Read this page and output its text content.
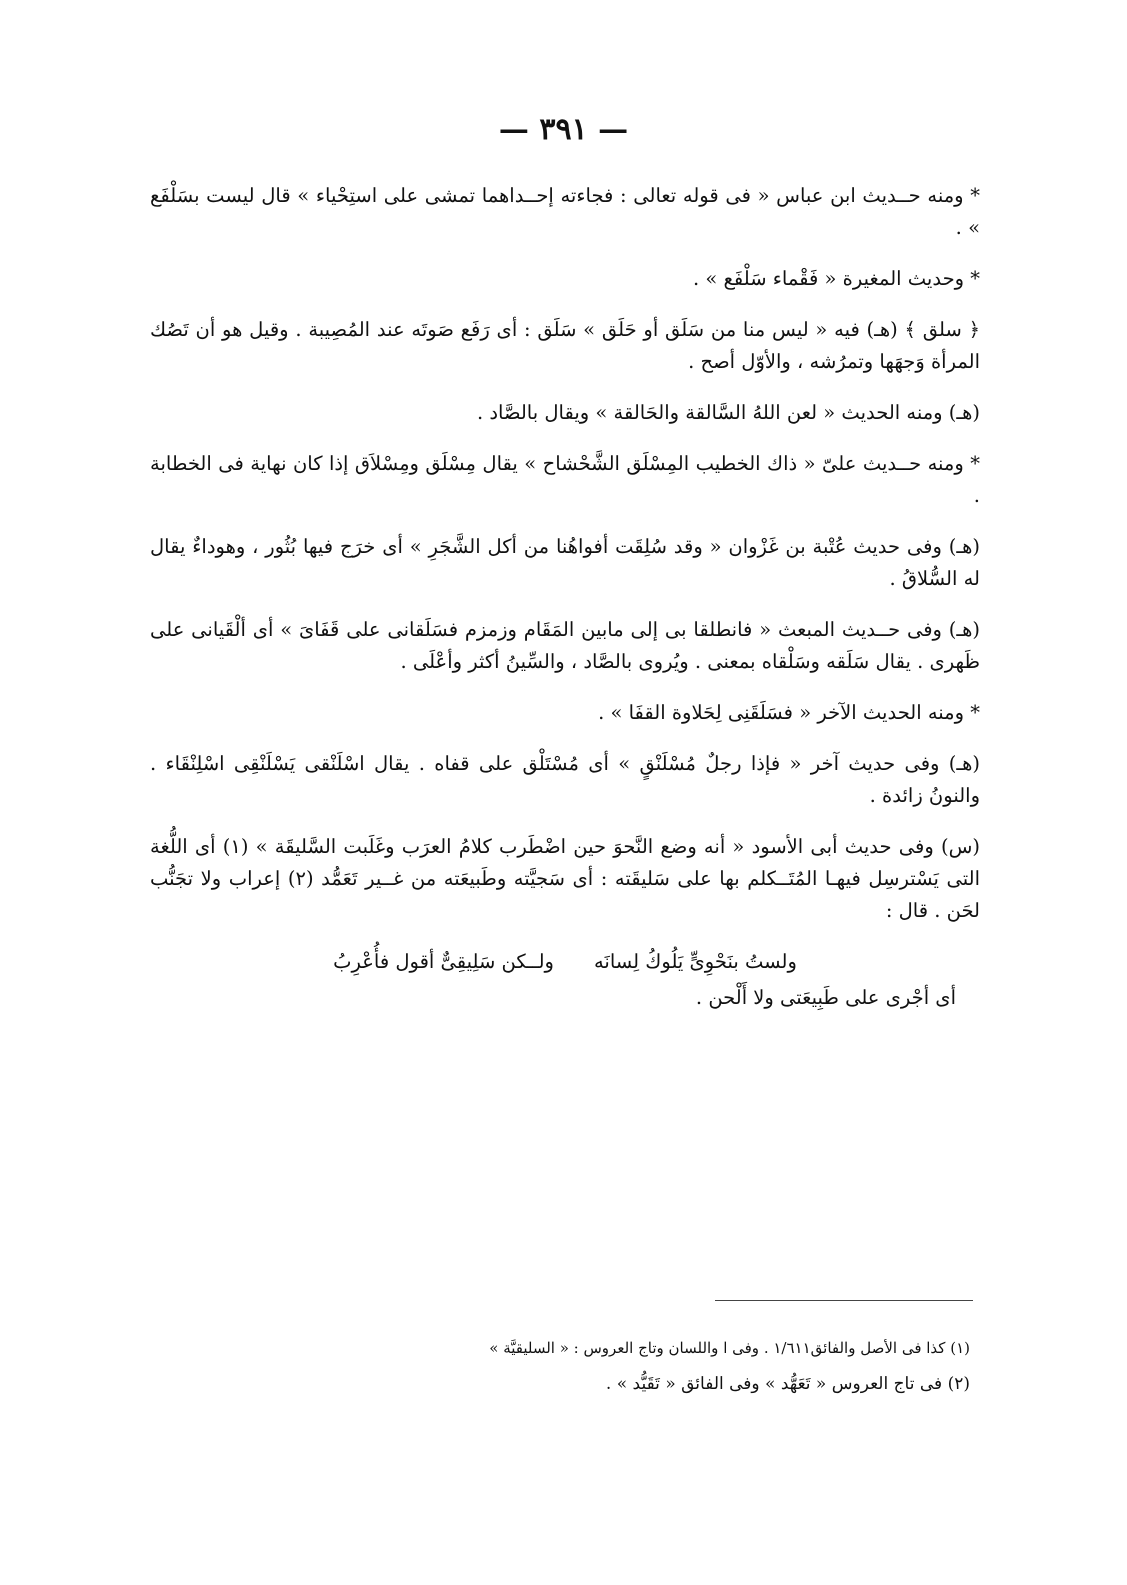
— ٣٩١ —

* ومنه حــديث ابن عباس « فى قوله تعالى : فجاءته إحــداهما تمشى على استِحْياء » قال ليست بسَلْفَع » .

* وحديث المغيرة « فَقْماء سَلْفَع » .

﴿ سلق ﴾ (هـ) فيه « ليس منا من سَلَق أو حَلَق » سَلَق : أى رَفَع صَوتَه عند المُصِيبة . وقيل هو أن تَصُك المرأة وَجهَها وتمرُشه ، والأوّل أصح .

(هـ) ومنه الحديث « لعن اللهُ السَّالقة والحَالقة » ويقال بالصَّاد .

* ومنه حــديث علىّ « ذاك الخطيب المِسْلَق الشَّحْشاح » يقال مِسْلَق ومِسْلاَق إذا كان نهاية فى الخطابة .

(هـ) وفى حديث عُتْبة بن غَزْوان « وقد سُلِقَت أفواهُنا من أكل الشَّجَرِ » أى خرَج فيها بُثُور ، وهوداءٌ يقال له السُّلاقُ .

(هـ) وفى حــديث المبعث « فانطلقا بى إلى مابين المَقَام وزمزم فسَلَقانى على قَفَاىَ » أى ألْقَيانى على ظَهرى . يقال سَلَقه وسَلْقاه بمعنى . ويُروى بالصَّاد ، والسِّينُ أكثر وأعْلَى .

* ومنه الحديث الآخر « فسَلَقَنِى لِحَلاوة القفَا » .

(هـ) وفى حديث آخر « فإذا رجلٌ مُسْلَنْقٍ » أى مُسْتَلْق على قفاه . يقال اسْلَنْقى يَسْلَنْقِى اسْلِنْقَاء . والنونُ زائدة .

(س) وفى حديث أبى الأسود « أنه وضع النَّحوَ حين اضْطَرب كلامُ العرَب وغَلَبت السَّليقَة » (١) أى اللُّغة التى يَسْترسِل فيهـا المُتَــكلم بها على سَليقَته : أى سَجيَّته وطَبيعَته من غــير تَعَمُّد (٢) إعراب ولا تجَنُّب لحَن . قال :

ولستُ بنَحْوِىٍّ يَلُوكُ لِسانَهولــكن سَلِيقِىٌّ أقول فأُعْرِبُ

أى أجْرى على طَبِيعَتى ولا أَلْحن .

(١) كذا فى الأصل والفائق١/٦١١ . وفى ا واللسان وتاج العروس : « السليقيَّة »

(٢) فى تاج العروس « تَعَهُّد » وفى الفائق « تَقَيُّد » .
